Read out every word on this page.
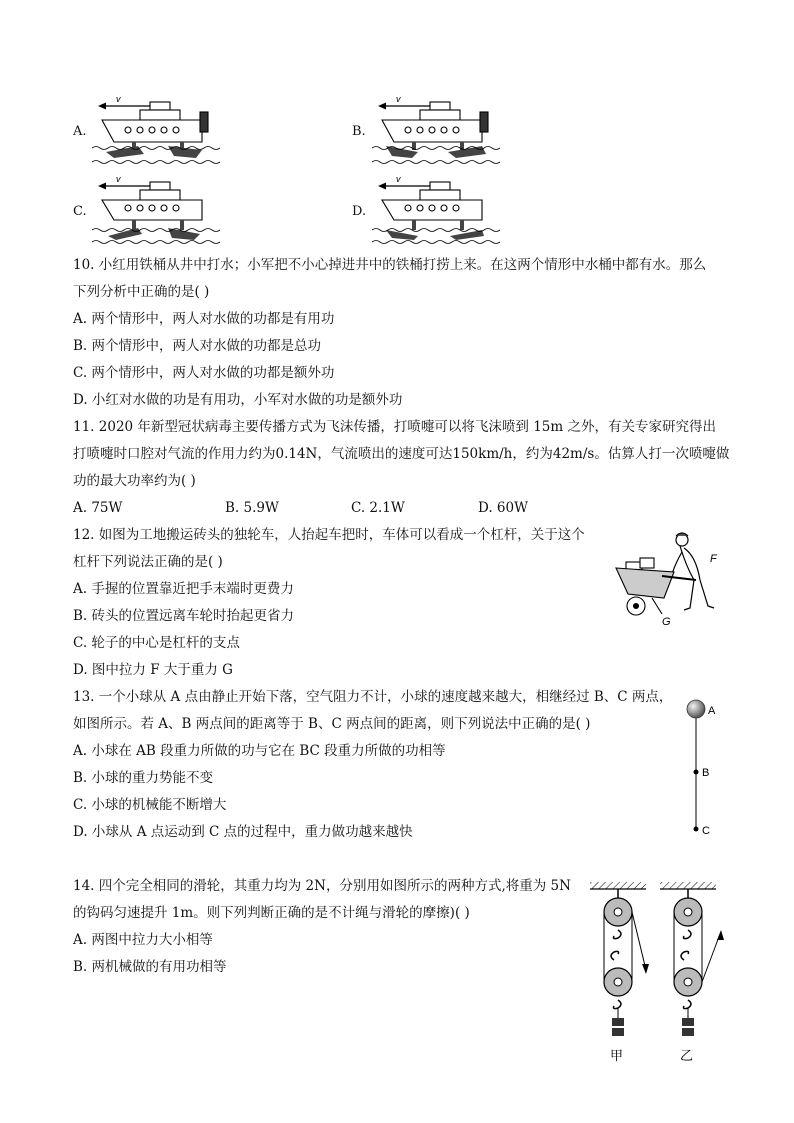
A.
v
B.
v
C.
v
D.
v
10. 小红用铁桶从井中打水；小军把不小心掉进井中的铁桶打捞上来。在这两个情形中水桶中都有水。那么
下列分析中正确的是( )
A. 两个情形中，两人对水做的功都是有用功
B. 两个情形中，两人对水做的功都是总功
C. 两个情形中，两人对水做的功都是额外功
D. 小红对水做的功是有用功，小军对水做的功是额外功
11. 2020 年新型冠状病毒主要传播方式为飞沫传播，打喷嚏可以将飞沫喷到 15m 之外，有关专家研究得出
打喷嚏时口腔对气流的作用力约为0.14N，气流喷出的速度可达150km/h，约为42m/s。估算人打一次喷嚏做
功的最大功率约为( )
A. 75W	B. 5.9W	C. 2.1W	D. 60W
12. 如图为工地搬运砖头的独轮车，人抬起车把时，车体可以看成一个杠杆，关于这个
杠杆下列说法正确的是( )
A. 手握的位置靠近把手末端时更费力
B. 砖头的位置远离车轮时抬起更省力
C. 轮子的中心是杠杆的支点
D. 图中拉力 F 大于重力 G
F
G
13. 一个小球从 A 点由静止开始下落，空气阻力不计，小球的速度越来越大，相继经过 B、C 两点，
如图所示。若 A、B 两点间的距离等于 B、C 两点间的距离，则下列说法中正确的是( )
A. 小球在 AB 段重力所做的功与它在 BC 段重力所做的功相等
B. 小球的重力势能不变
C. 小球的机械能不断增大
D. 小球从 A 点运动到 C 点的过程中，重力做功越来越快
A
B
C
14. 四个完全相同的滑轮，其重力均为 2N，分别用如图所示的两种方式,将重为 5N
的钩码匀速提升 1m。则下列判断正确的是不计绳与滑轮的摩擦)( )
A. 两图中拉力大小相等
B. 两机械做的有用功相等
甲	乙
